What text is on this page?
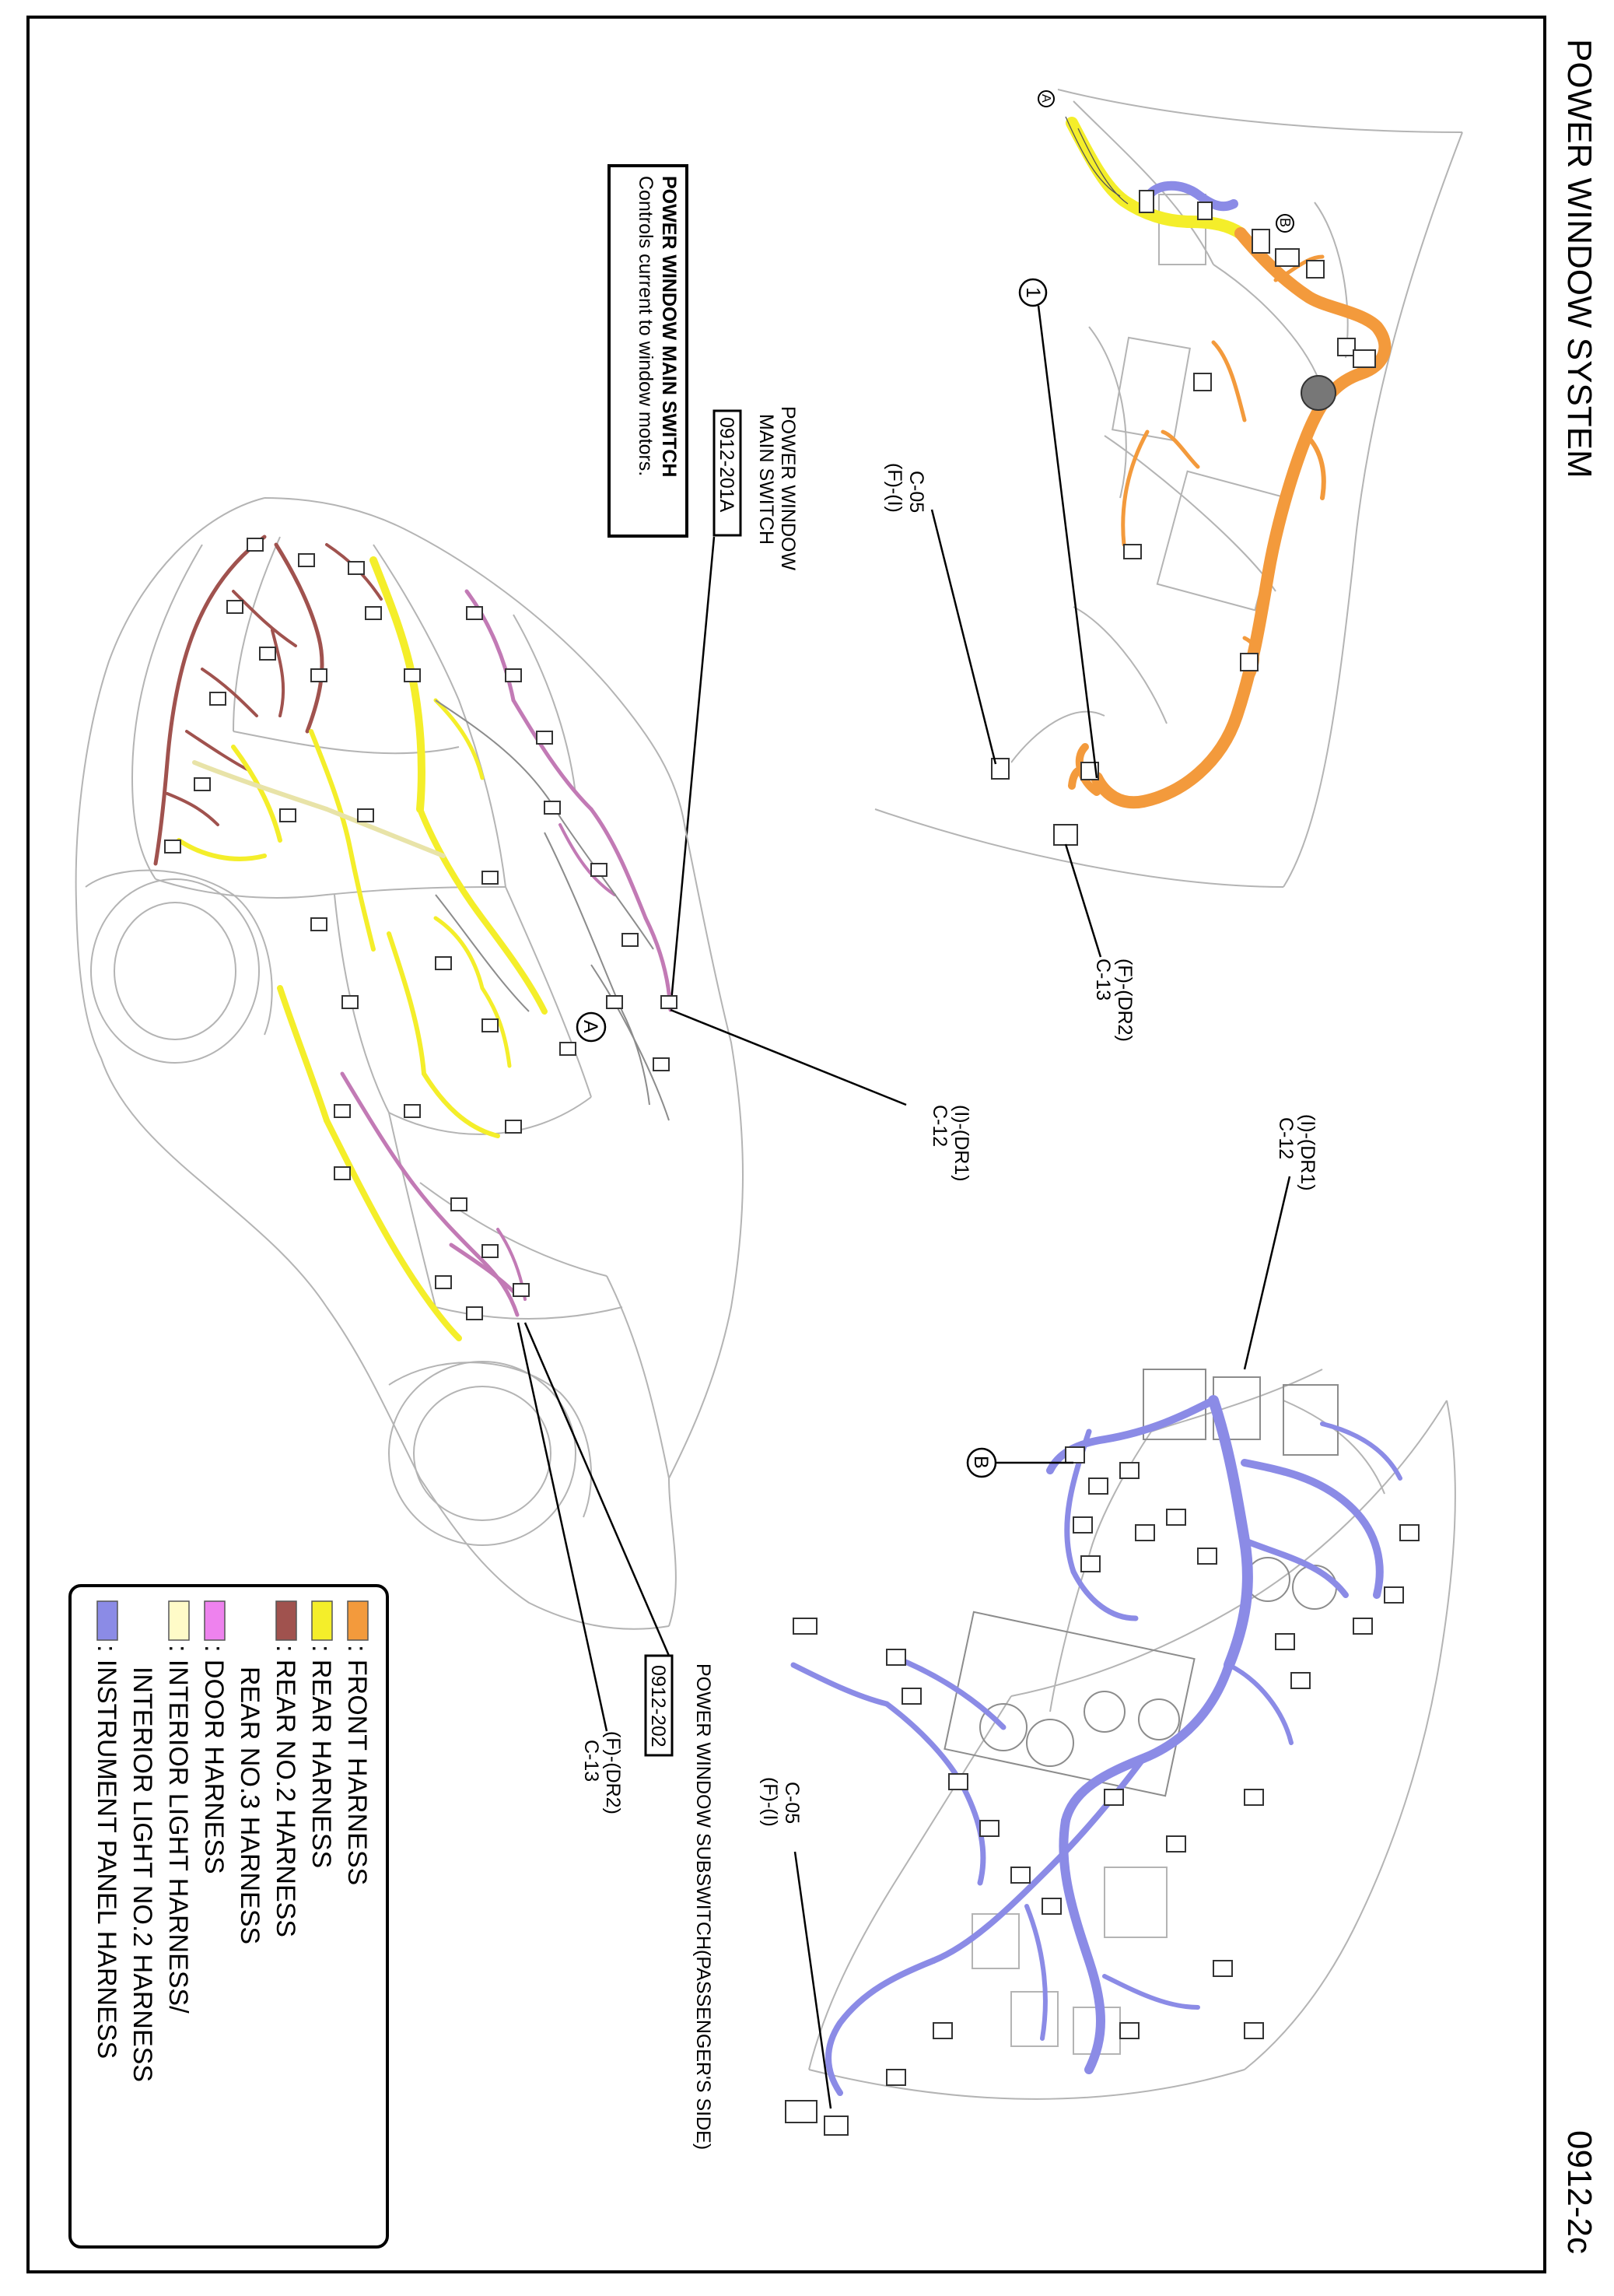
POWER WINDOW SYSTEM
0912-2c
A
B
1
C-05
(F)-(I)
C-13 (F)-(DR2)
POWER WINDOW
MAIN SWITCH
0912-201A
POWER WINDOW MAIN SWITCH
Controls current to window motors.
A
C-12 (I)-(DR1)
POWER WINDOW SUBSWITCH(PASSENGER'S SIDE)
0912-202
(F)-(DR2)
C-13
B
C-12 (I)-(DR1)
C-05
(F)-(I)
: FRONT HARNESS
: REAR HARNESS
: REAR NO.2 HARNESS
REAR NO.3 HARNESS
: DOOR HARNESS
: INTERIOR LIGHT HARNESS/
INTERIOR LIGHT NO.2 HARNESS
: INSTRUMENT PANEL HARNESS
